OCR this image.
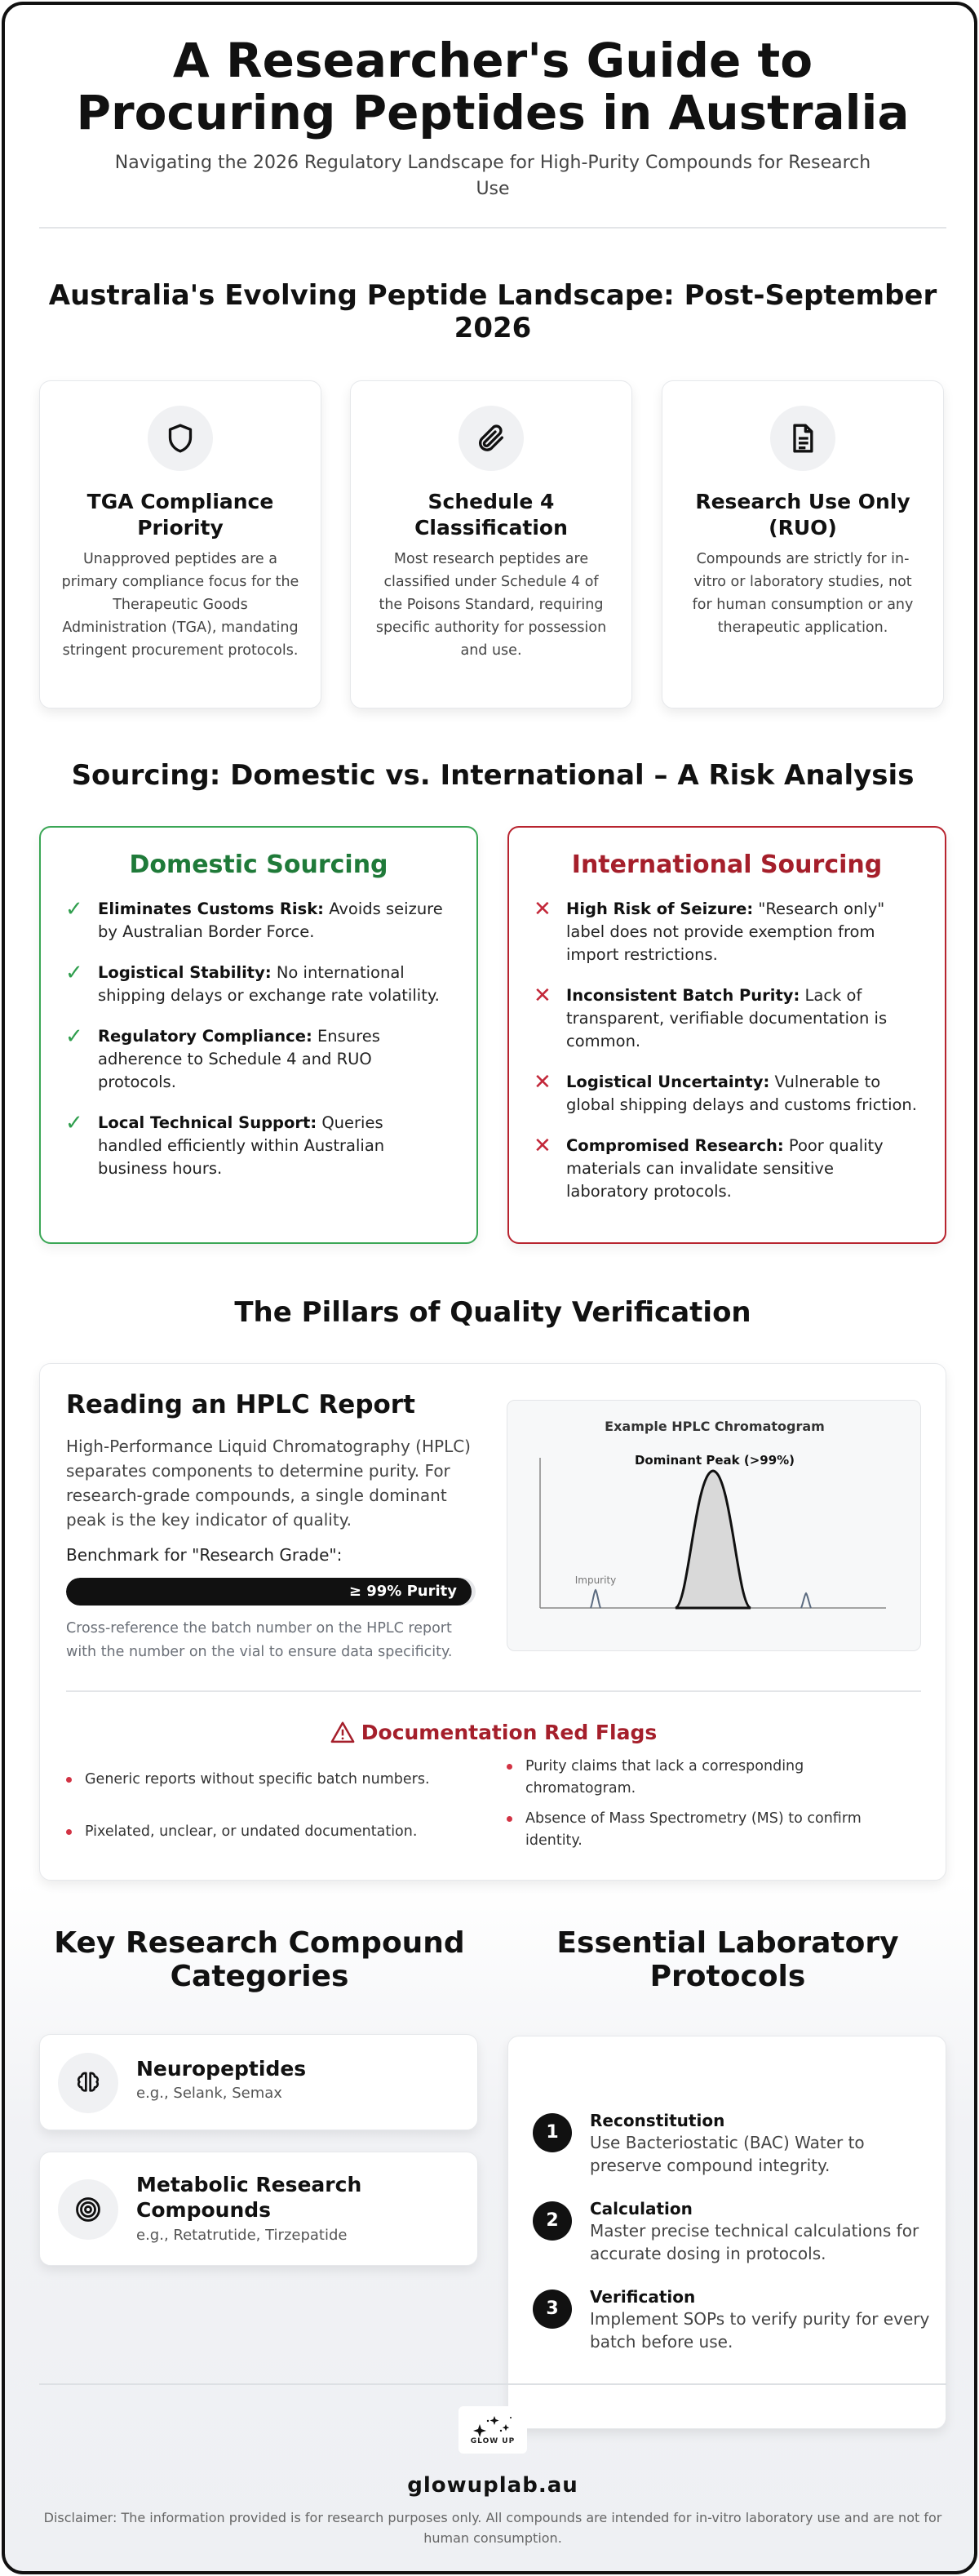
A Researcher's Guide to Procuring Peptides in Australia

Navigating the 2026 Regulatory Landscape for High-Purity Compounds for Research Use

Australia's Evolving Peptide Landscape: Post-September 2026
TGA Compliance Priority
Unapproved peptides are a primary compliance focus for the Therapeutic Goods Administration (TGA), mandating stringent procurement protocols.
Schedule 4 Classification
Most research peptides are classified under Schedule 4 of the Poisons Standard, requiring specific authority for possession and use.
Research Use Only (RUO)
Compounds are strictly for in-vitro or laboratory studies, not for human consumption or any therapeutic application.
Sourcing: Domestic vs. International – A Risk Analysis
Domestic Sourcing
✓ Eliminates Customs Risk: Avoids seizure by Australian Border Force.
✓ Logistical Stability: No international shipping delays or exchange rate volatility.
✓ Regulatory Compliance: Ensures adherence to Schedule 4 and RUO protocols.
✓ Local Technical Support: Queries handled efficiently within Australian business hours.
International Sourcing
✕ High Risk of Seizure: "Research only" label does not provide exemption from import restrictions.
✕ Inconsistent Batch Purity: Lack of transparent, verifiable documentation is common.
✕ Logistical Uncertainty: Vulnerable to global shipping delays and customs friction.
✕ Compromised Research: Poor quality materials can invalidate sensitive laboratory protocols.
The Pillars of Quality Verification
Reading an HPLC Report
High-Performance Liquid Chromatography (HPLC) separates components to determine purity. For research-grade compounds, a single dominant peak is the key indicator of quality.
Benchmark for "Research Grade":
≥ 99% Purity
Cross-reference the batch number on the HPLC report with the number on the vial to ensure data specificity.
Example HPLC Chromatogram
Dominant Peak (>99%)
Impurity
Documentation Red Flags
Generic reports without specific batch numbers.
Purity claims that lack a corresponding chromatogram.
Pixelated, unclear, or undated documentation.
Absence of Mass Spectrometry (MS) to confirm identity.
Key Research Compound Categories
Neuropeptides
e.g., Selank, Semax
Metabolic Research Compounds
e.g., Retatrutide, Tirzepatide
Essential Laboratory Protocols
1
Reconstitution
Use Bacteriostatic (BAC) Water to preserve compound integrity.
2
Calculation
Master precise technical calculations for accurate dosing in protocols.
3
Verification
Implement SOPs to verify purity for every batch before use.
GLOW UP
glowuplab.au

Disclaimer: The information provided is for research purposes only. All compounds are intended for in-vitro laboratory use and are not for human consumption.
